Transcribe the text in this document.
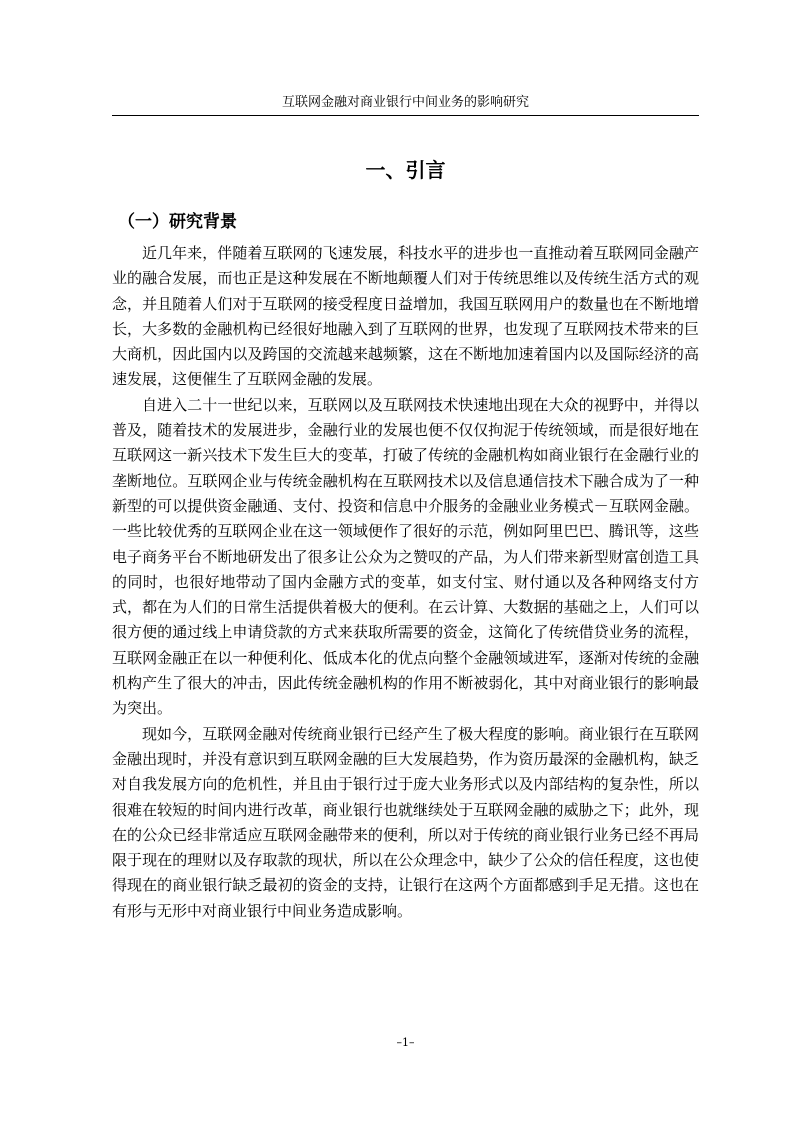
互联网金融对商业银行中间业务的影响研究
一、引言
（一）研究背景

近几年来，伴随着互联网的飞速发展，科技水平的进步也一直推动着互联网同金融产业的融合发展，而也正是这种发展在不断地颠覆人们对于传统思维以及传统生活方式的观念，并且随着人们对于互联网的接受程度日益增加，我国互联网用户的数量也在不断地增长，大多数的金融机构已经很好地融入到了互联网的世界，也发现了互联网技术带来的巨大商机，因此国内以及跨国的交流越来越频繁，这在不断地加速着国内以及国际经济的高速发展，这便催生了互联网金融的发展。

自进入二十一世纪以来，互联网以及互联网技术快速地出现在大众的视野中，并得以普及，随着技术的发展进步，金融行业的发展也便不仅仅拘泥于传统领域，而是很好地在互联网这一新兴技术下发生巨大的变革，打破了传统的金融机构如商业银行在金融行业的垄断地位。互联网企业与传统金融机构在互联网技术以及信息通信技术下融合成为了一种新型的可以提供资金融通、支付、投资和信息中介服务的金融业业务模式－互联网金融。一些比较优秀的互联网企业在这一领域便作了很好的示范，例如阿里巴巴、腾讯等，这些电子商务平台不断地研发出了很多让公众为之赞叹的产品，为人们带来新型财富创造工具的同时，也很好地带动了国内金融方式的变革，如支付宝、财付通以及各种网络支付方式，都在为人们的日常生活提供着极大的便利。在云计算、大数据的基础之上，人们可以很方便的通过线上申请贷款的方式来获取所需要的资金，这简化了传统借贷业务的流程，互联网金融正在以一种便利化、低成本化的优点向整个金融领域进军，逐渐对传统的金融机构产生了很大的冲击，因此传统金融机构的作用不断被弱化，其中对商业银行的影响最为突出。

现如今，互联网金融对传统商业银行已经产生了极大程度的影响。商业银行在互联网金融出现时，并没有意识到互联网金融的巨大发展趋势，作为资历最深的金融机构，缺乏对自我发展方向的危机性，并且由于银行过于庞大业务形式以及内部结构的复杂性，所以很难在较短的时间内进行改革，商业银行也就继续处于互联网金融的威胁之下；此外，现在的公众已经非常适应互联网金融带来的便利，所以对于传统的商业银行业务已经不再局限于现在的理财以及存取款的现状，所以在公众理念中，缺少了公众的信任程度，这也使得现在的商业银行缺乏最初的资金的支持，让银行在这两个方面都感到手足无措。这也在有形与无形中对商业银行中间业务造成影响。

–1–
